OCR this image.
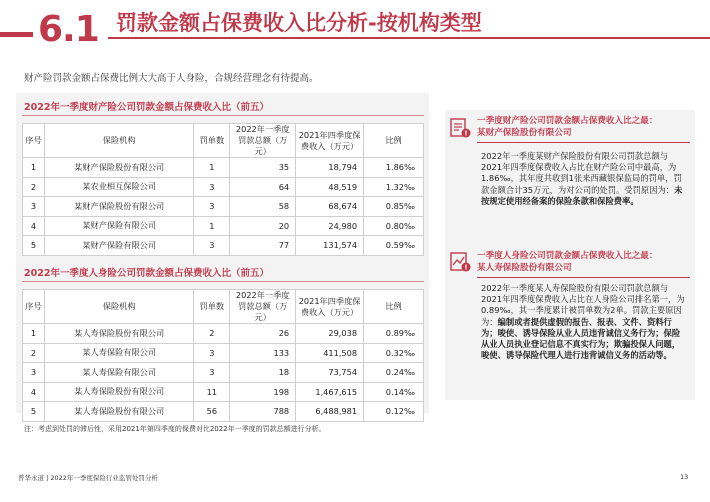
6.1 罚款金额占保费收入比分析-按机构类型
财产险罚款金额占保费比例大大高于人身险，合规经营理念有待提高。
2022年一季度财产险公司罚款金额占保费收入比（前五）
序号	保险机构	罚单数	2022年一季度罚款总额（万元）	2021年四季度保费收入（万元）	比例
1	某财产保险股份有限公司	1	35	18,794	1.86‰
2	某农业相互保险公司	3	64	48,519	1.32‰
3	某财产保险股份有限公司	3	58	68,674	0.85‰
4	某财产保险有限公司	1	20	24,980	0.80‰
5	某财产保险有限公司	3	77	131,574	0.59‰
2022年一季度人身险公司罚款金额占保费收入比（前五）
序号	保险机构	罚单数	2022年一季度罚款总额（万元）	2021年四季度保费收入（万元）	比例
1	某人寿保险股份有限公司	2	26	29,038	0.89‰
2	某人寿保险有限公司	3	133	411,508	0.32‰
3	某人寿保险有限公司	3	18	73,754	0.24‰
4	某人寿保险股份有限公司	11	198	1,467,615	0.14‰
5	某人寿保险股份有限公司	56	788	6,488,981	0.12‰
注：考虑到处罚的滞后性，采用2021年第四季度的保费对比2022年一季度的罚款总额进行分析。
!
一季度财产险公司罚款金额占保费收入比之最：
某财产保险股份有限公司
2022年一季度某财产保险股份有限公司罚款总额与2021年四季度保费收入占比在财产险公司中最高，为1.86‰，其年度共收到1张来西藏银保监局的罚单，罚款金额合计35万元，为对公司的处罚。受罚原因为：未按规定使用经备案的保险条款和保险费率。
!
一季度人身险公司罚款金额占保费收入比之最：
某人寿保险股份有限公司
2022年一季度某人寿保险股份有限公司罚款总额与2021年四季度保费收入占比在人身险公司排名第一，为0.89‰，其一季度累计被罚单数为2单。罚款主要原因为：编制或者提供虚假的报告、报表、文件、资料行为；唆使、诱导保险从业人员违背诚信义务行为；保险从业人员执业登记信息不真实行为；欺骗投保人问题，唆使、诱导保险代理人进行违背诚信义务的活动等。
普华永道 | 2022年一季度保险行业监管处罚分析	13
